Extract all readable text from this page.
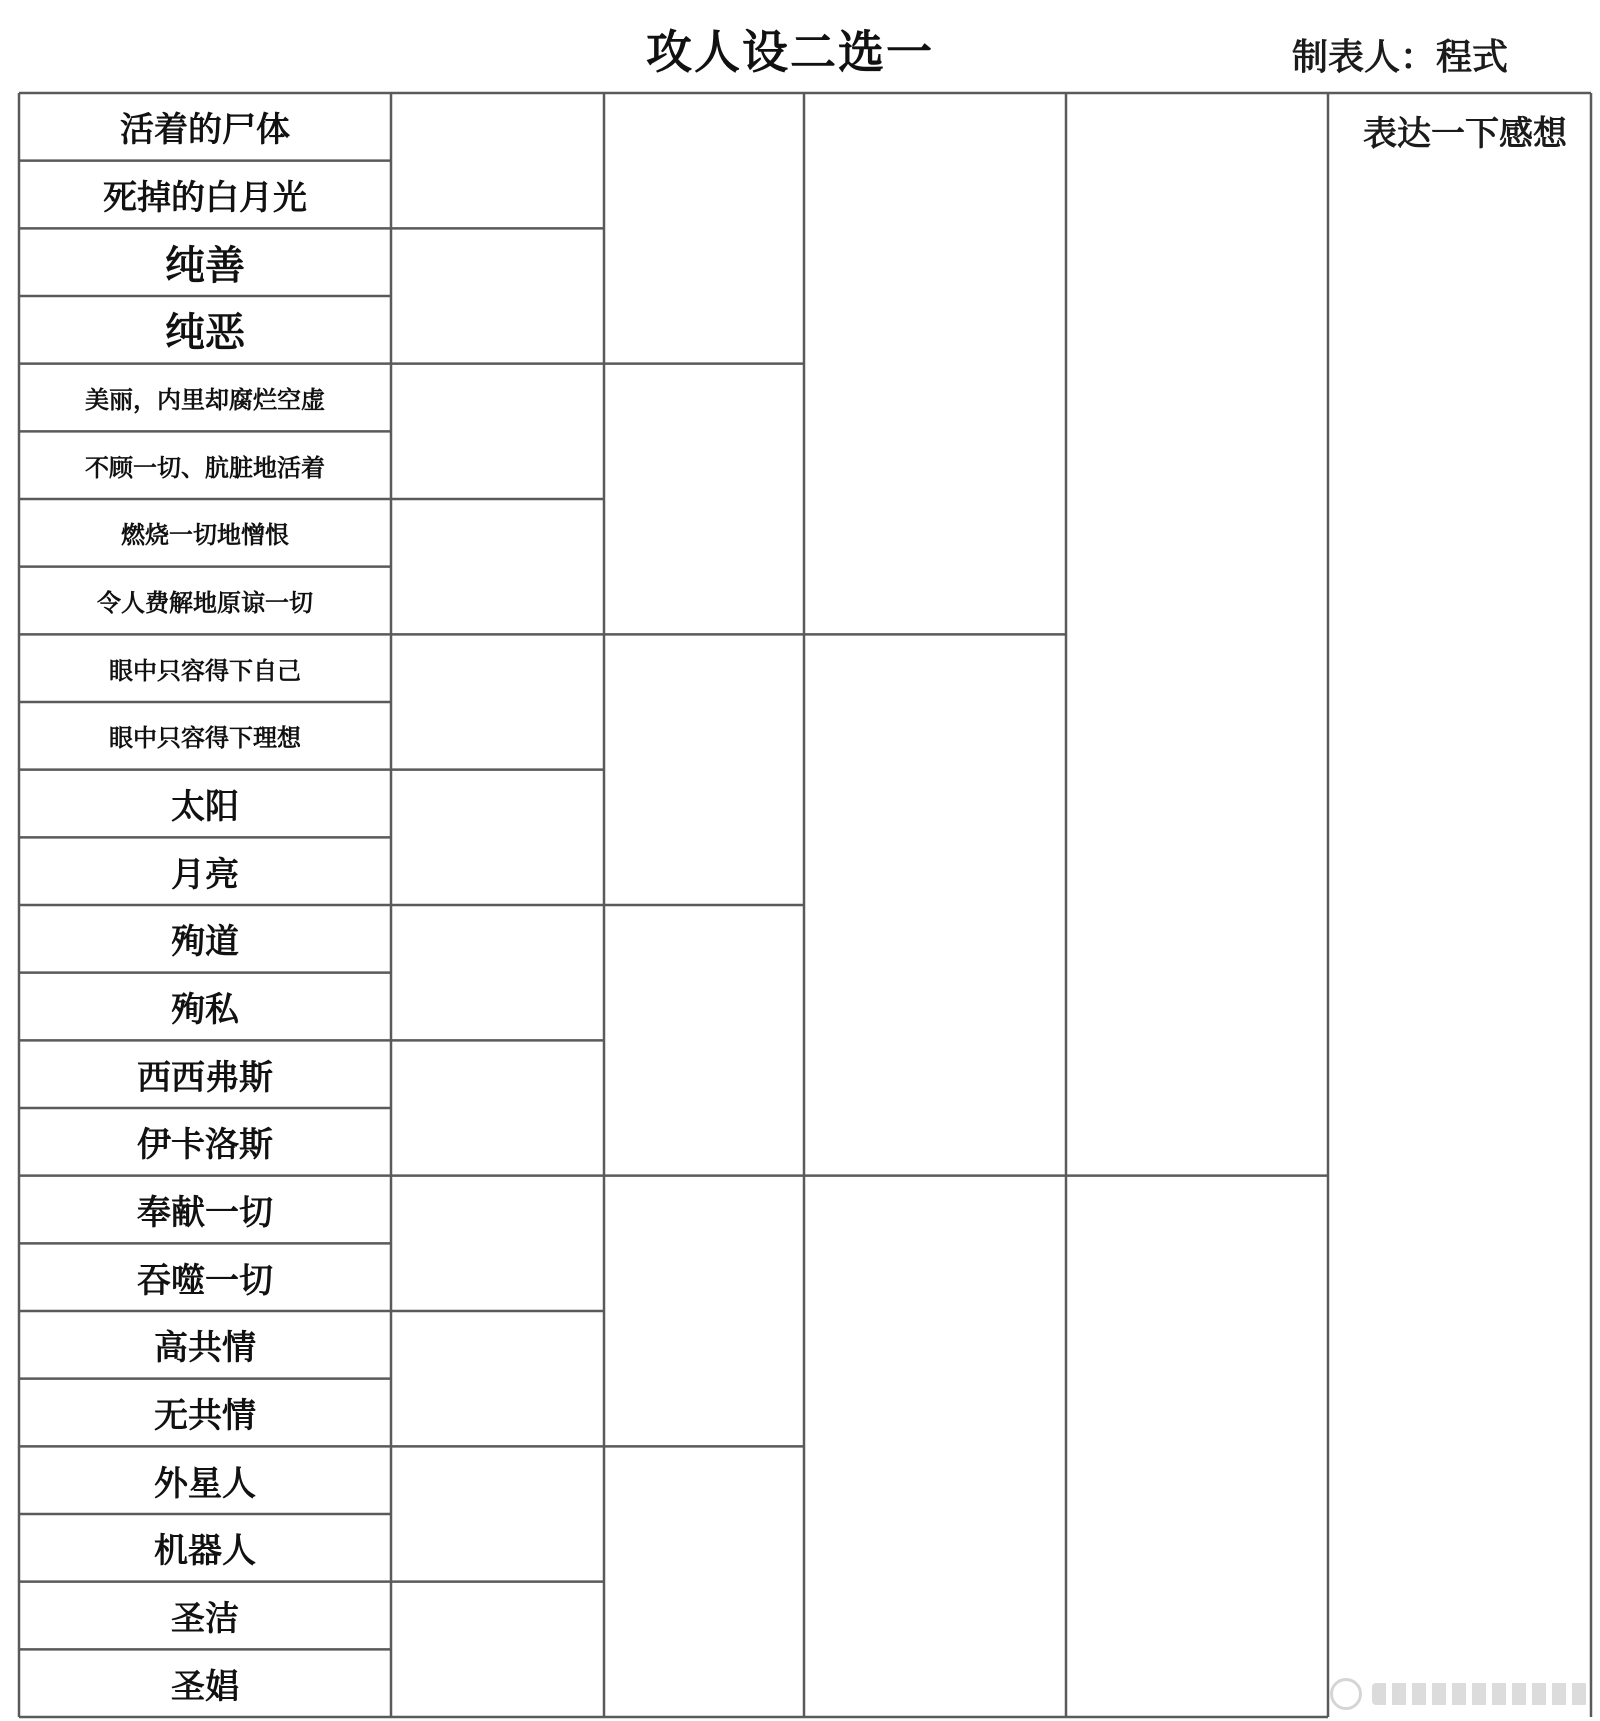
攻人设二选一	制表人：程式
活着的尸体
死掉的白月光
纯善
纯恶
美丽，内里却腐烂空虚
不顾一切、肮脏地活着
燃烧一切地憎恨
令人费解地原谅一切
眼中只容得下自己
眼中只容得下理想
太阳
月亮
殉道
殉私
西西弗斯
伊卡洛斯
奉献一切
吞噬一切
高共情
无共情
外星人
机器人
圣洁
圣娼
表达一下感想
